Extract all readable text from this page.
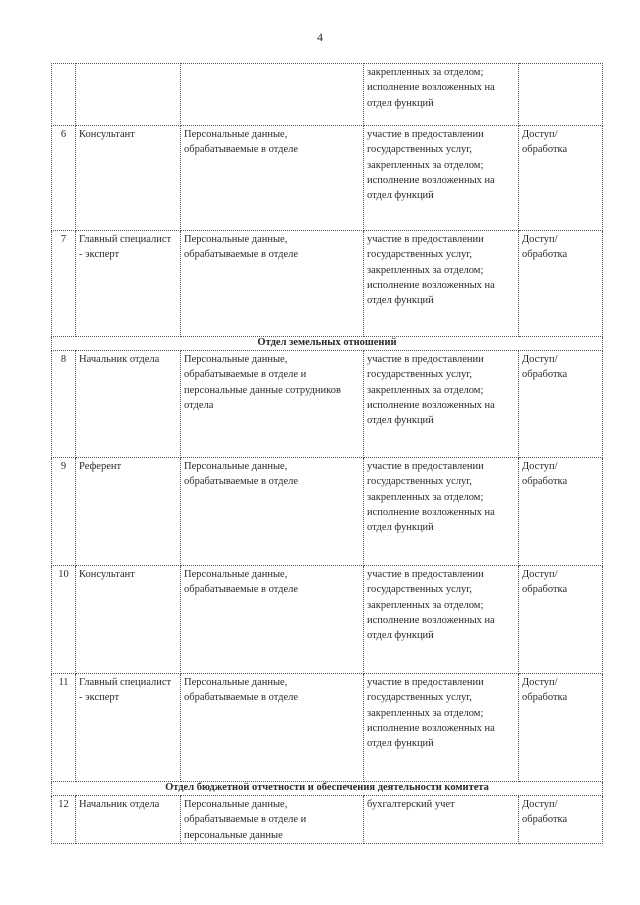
4
			закрепленных за отделом; исполнение возложенных на отдел функций	
6	Консультант	Персональные данные, обрабатываемые в отделе	участие в предоставлении государственных услуг, закрепленных за отделом; исполнение возложенных на отдел функций	Доступ/ обработка
7	Главный специалист - эксперт	Персональные данные, обрабатываемые в отделе	участие в предоставлении государственных услуг, закрепленных за отделом; исполнение возложенных на отдел функций	Доступ/ обработка
Отдел земельных отношений				
8	Начальник отдела	Персональные данные, обрабатываемые в отделе и персональные данные сотрудников отдела	участие в предоставлении государственных услуг, закрепленных за отделом; исполнение возложенных на отдел функций	Доступ/ обработка
9	Референт	Персональные данные, обрабатываемые в отделе	участие в предоставлении государственных услуг, закрепленных за отделом; исполнение возложенных на отдел функций	Доступ/ обработка
10	Консультант	Персональные данные, обрабатываемые в отделе	участие в предоставлении государственных услуг, закрепленных за отделом; исполнение возложенных на отдел функций	Доступ/ обработка
11	Главный специалист - эксперт	Персональные данные, обрабатываемые в отделе	участие в предоставлении государственных услуг, закрепленных за отделом; исполнение возложенных на отдел функций	Доступ/ обработка
Отдел бюджетной отчетности и обеспечения деятельности комитета				
12	Начальник отдела	Персональные данные, обрабатываемые в отделе и персональные данные	бухгалтерский учет	Доступ/ обработка
